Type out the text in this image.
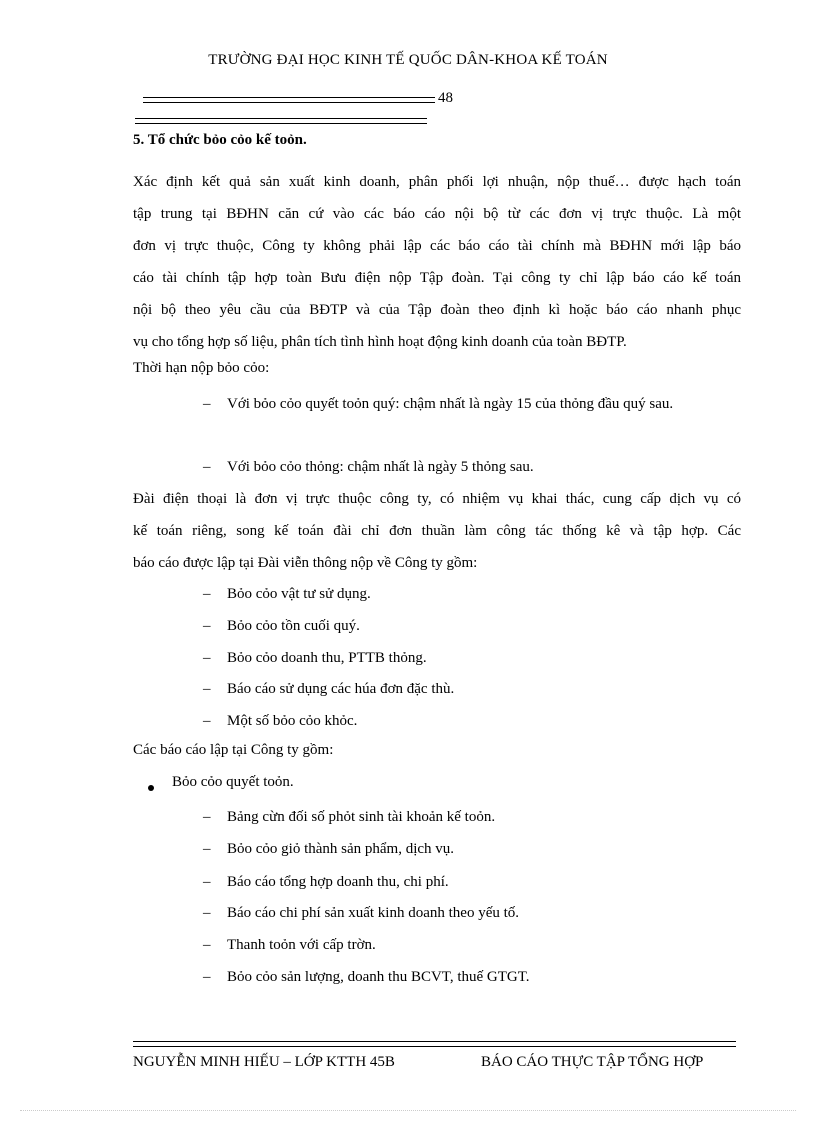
TRƯỜNG ĐẠI HỌC KINH TẾ QUỐC DÂN-KHOA KẾ TOÁN
48
5. Tổ chức bỏo cỏo kế toỏn.
Xác định kết quả sản xuất kinh doanh, phân phối lợi nhuận, nộp thuế… được hạch toán
tập trung tại BĐHN căn cứ vào các báo cáo nội bộ từ các đơn vị trực thuộc. Là một
đơn vị trực thuộc, Công ty không phải lập các báo cáo tài chính mà BĐHN mới lập báo
cáo tài chính tập hợp toàn Bưu điện nộp Tập đoàn. Tại công ty chỉ lập báo cáo kế toán
nội bộ theo yêu cầu của BĐTP và của Tập đoàn theo định kì hoặc báo cáo nhanh phục
vụ cho tổng hợp số liệu, phân tích tình hình hoạt động kinh doanh của toàn BĐTP.
Thời hạn nộp bỏo cỏo:
– Với bỏo cỏo quyết toỏn quý: chậm nhất là ngày 15 của thỏng đầu quý sau.
– Với bỏo cỏo thỏng: chậm nhất là ngày 5 thỏng sau.
Đài điện thoại là đơn vị trực thuộc công ty, có nhiệm vụ khai thác, cung cấp dịch vụ có
kế toán riêng, song kế toán đài chỉ đơn thuần làm công tác thống kê và tập hợp. Các
báo cáo được lập tại Đài viễn thông nộp về Công ty gồm:
– Bỏo cỏo vật tư sử dụng.
– Bỏo cỏo tồn cuối quý.
– Bỏo cỏo doanh thu, PTTB thỏng.
– Báo cáo sử dụng các húa đơn đặc thù.
– Một số bỏo cỏo khỏc.
Các báo cáo lập tại Công ty gồm:
Bỏo cỏo quyết toỏn.
– Bảng cừn đối số phỏt sinh tài khoản kế toỏn.
– Bỏo cỏo giỏ thành sản phẩm, dịch vụ.
– Báo cáo tổng hợp doanh thu, chi phí.
– Báo cáo chi phí sản xuất kinh doanh theo yếu tố.
– Thanh toỏn với cấp trờn.
– Bỏo cỏo sản lượng, doanh thu BCVT, thuế GTGT.
NGUYỄN MINH HIẾU – LỚP KTTH 45B	BÁO CÁO THỰC TẬP TỔNG HỢP
